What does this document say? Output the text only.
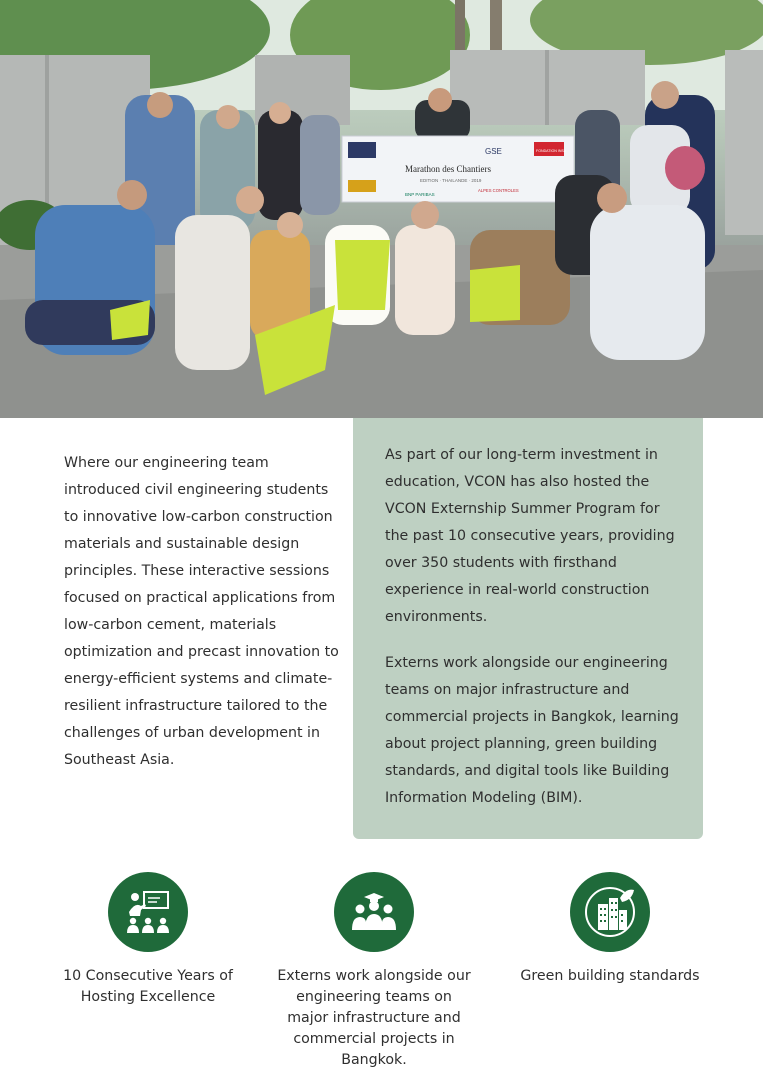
Marathon des Chantiers
EDITION · THAILANDE · 2019
GSE	FONDATION INSA
BNP PARIBAS
ALPES CONTROLES

Where our engineering team introduced civil engineering students to innovative low-carbon construction materials and sustainable design principles. These interactive sessions focused on practical applications from low-carbon cement, materials optimization and precast innovation to energy-efficient systems and climate-resilient infrastructure tailored to the challenges of urban development in Southeast Asia.

As part of our long-term investment in education, VCON has also hosted the VCON Externship Summer Program for the past 10 consecutive years, providing over 350 students with firsthand experience in real-world construction environments.

Externs work alongside our engineering teams on major infrastructure and commercial projects in Bangkok, learning about project planning, green building standards, and digital tools like Building Information Modeling (BIM).

10 Consecutive Years of Hosting Excellence
Externs work alongside our engineering teams on major infrastructure and commercial projects in Bangkok.
Green building standards
